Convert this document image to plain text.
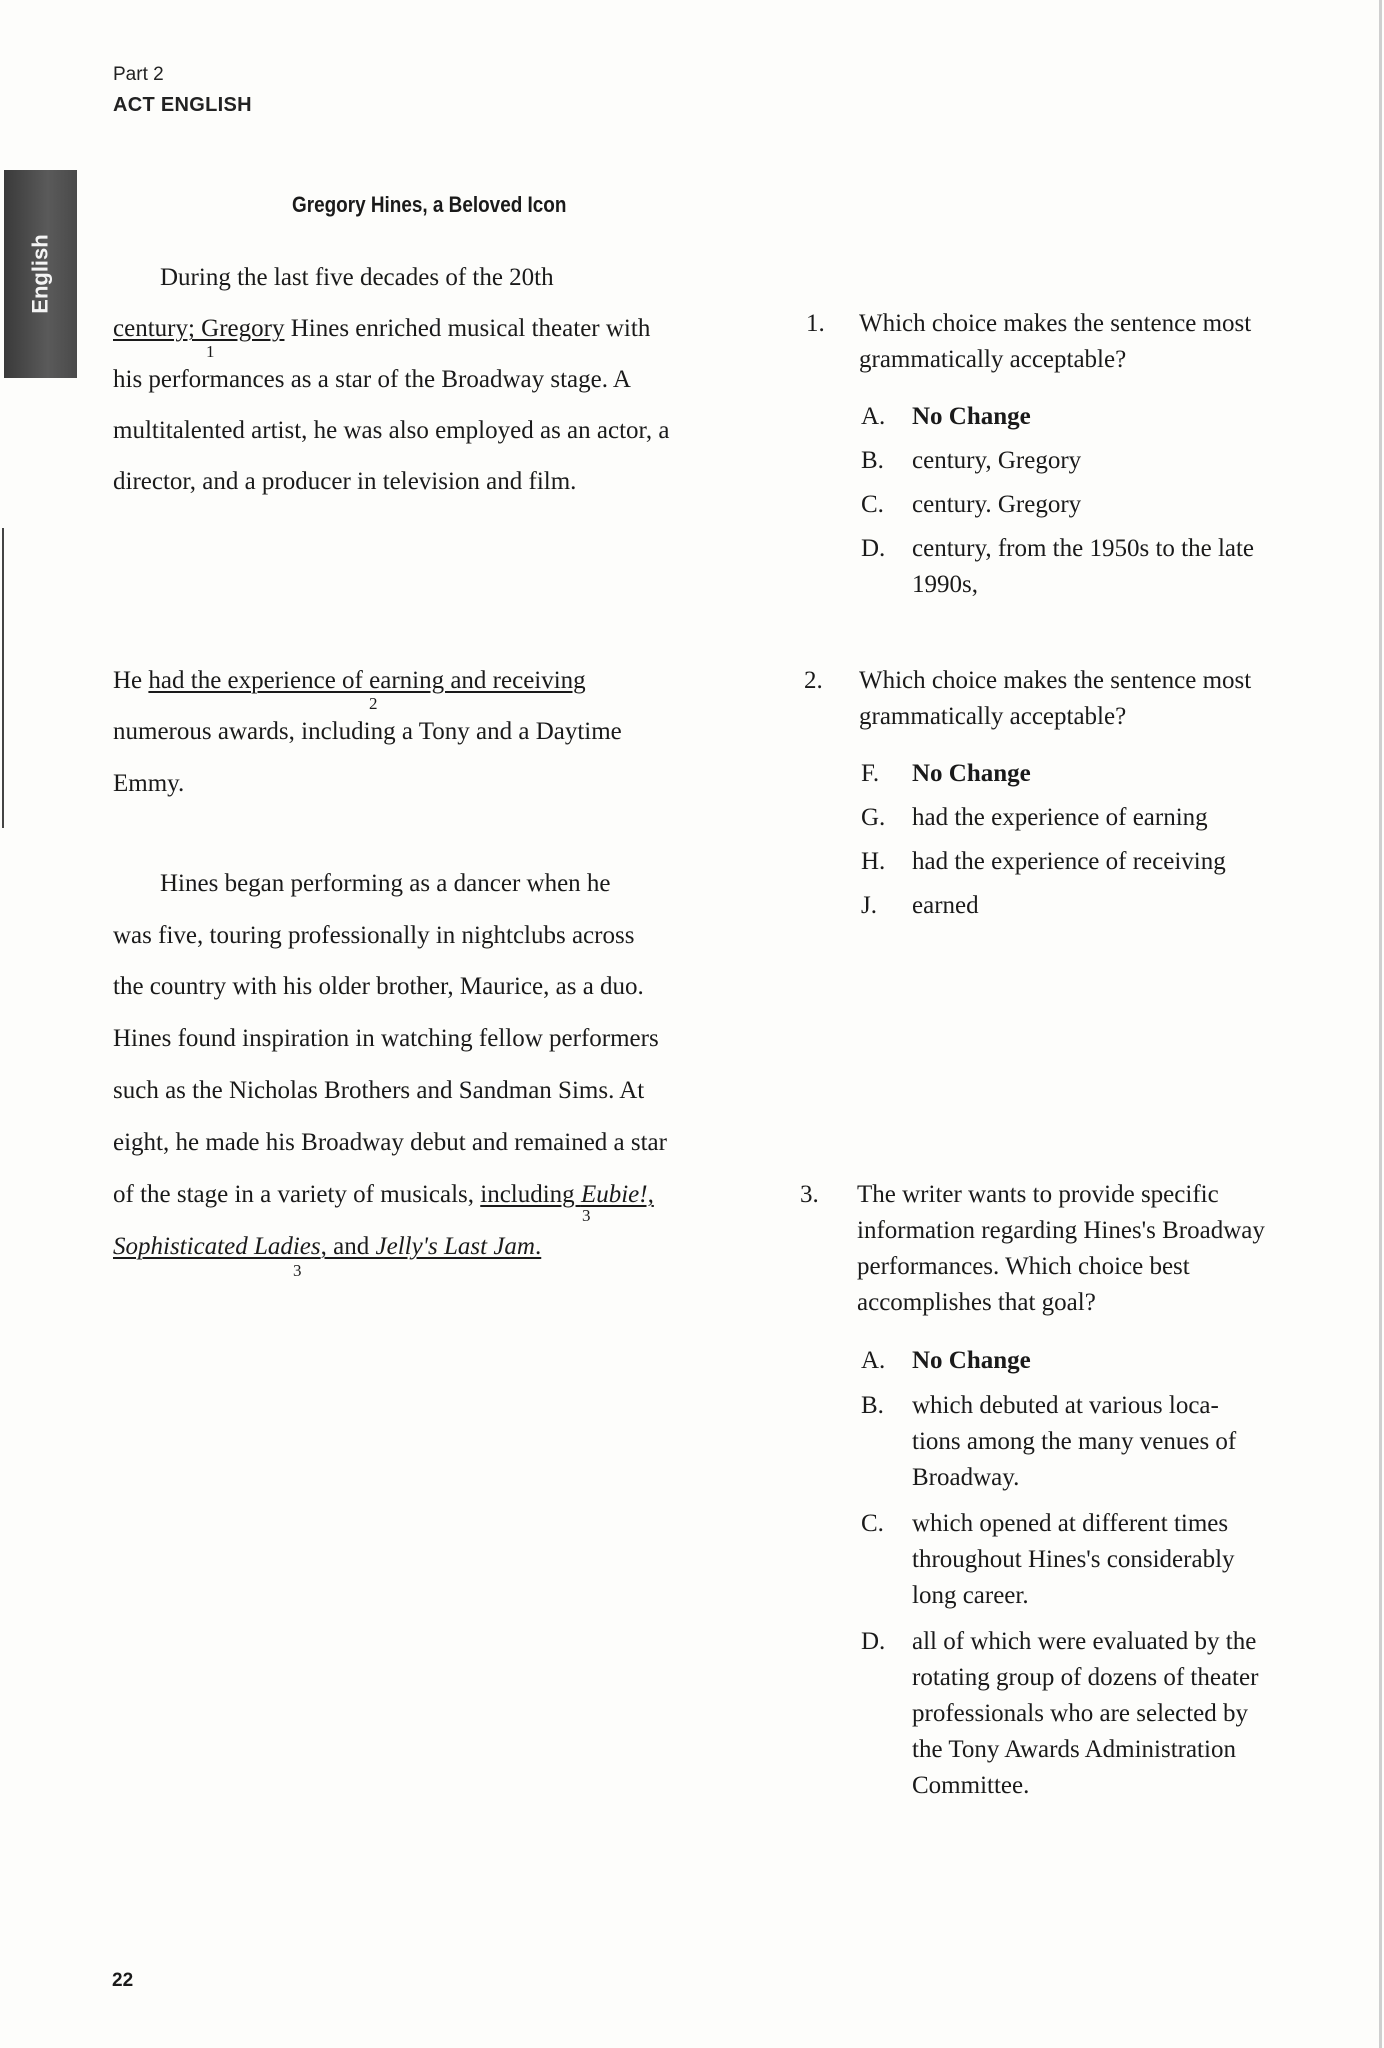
Part 2
ACT ENGLISH
English
Gregory Hines, a Beloved Icon
During the last five decades of the 20th
century; Gregory Hines enriched musical theater with
1
his performances as a star of the Broadway stage. A
multitalented artist, he was also employed as an actor, a
director, and a producer in television and film.
He had the experience of earning and receiving
2
numerous awards, including a Tony and a Daytime
Emmy.
Hines began performing as a dancer when he
was five, touring professionally in nightclubs across
the country with his older brother, Maurice, as a duo.
Hines found inspiration in watching fellow performers
such as the Nicholas Brothers and Sandman Sims. At
eight, he made his Broadway debut and remained a star
of the stage in a variety of musicals, including Eubie!,
3
Sophisticated Ladies, and Jelly's Last Jam.
3
1. Which choice makes the sentence most
grammatically acceptable?
A. No Change
B. century, Gregory
C. century. Gregory
D. century, from the 1950s to the late
1990s,
2. Which choice makes the sentence most
grammatically acceptable?
F. No Change
G. had the experience of earning
H. had the experience of receiving
J. earned
3. The writer wants to provide specific
information regarding Hines's Broadway
performances. Which choice best
accomplishes that goal?
A. No Change
B. which debuted at various loca-
tions among the many venues of
Broadway.
C. which opened at different times
throughout Hines's considerably
long career.
D. all of which were evaluated by the
rotating group of dozens of theater
professionals who are selected by
the Tony Awards Administration
Committee.
22
